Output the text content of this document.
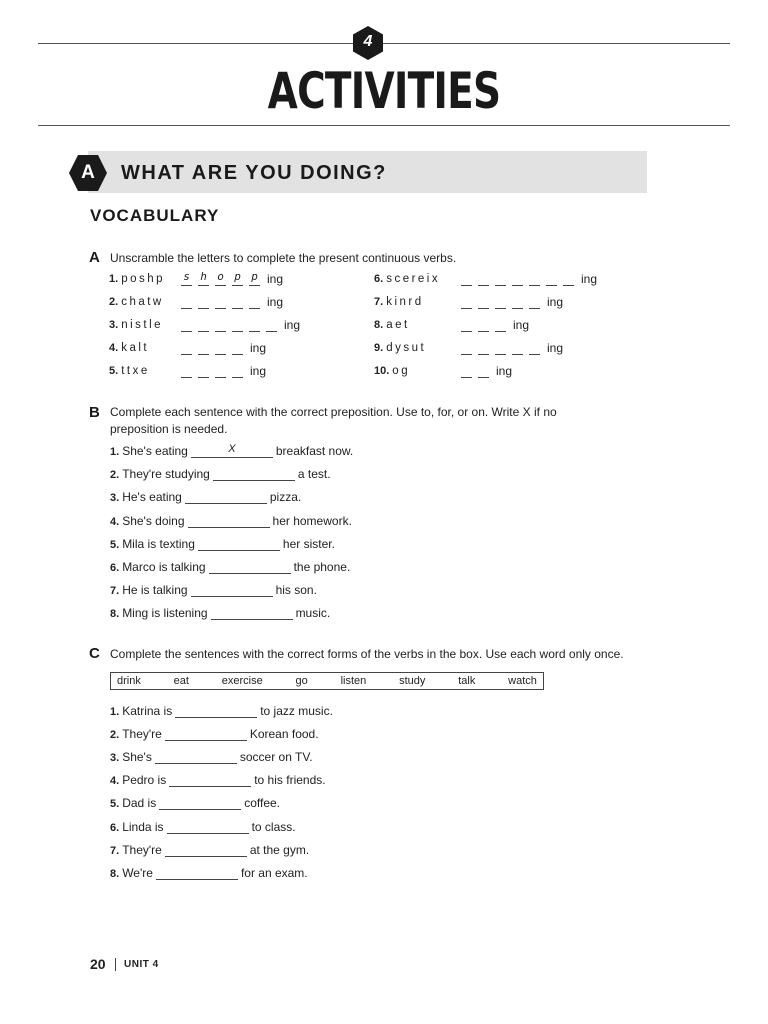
4
ACTIVITIES
A	WHAT ARE YOU DOING?
VOCABULARY
A Unscramble the letters to complete the present continuous verbs.
1. poshp s h o p p ing
2. chatw	ing
3. nistle	ing
4. kalt	ing
5. ttxe	ing
6. scereix	ing
7. kinrd	ing
8. aet	ing
9. dysut	ing
10. og	ing
B Complete each sentence with the correct preposition. Use to, for, or on. Write X if no
preposition is needed.
1. She's eating	X	breakfast now.
2. They're studying	a test.
3. He's eating	pizza.
4. She's doing	her homework.
5. Mila is texting	her sister.
6. Marco is talking	the phone.
7. He is talking	his son.
8. Ming is listening	music.
C Complete the sentences with the correct forms of the verbs in the box. Use each word only once.
drink	eat	exercise	go	listen	study	talk	watch
1. Katrina is	to jazz music.
2. They're	Korean food.
3. She's	soccer on TV.
4. Pedro is	to his friends.
5. Dad is	coffee.
6. Linda is	to class.
7. They're	at the gym.
8. We're	for an exam.
20 UNIT 4
